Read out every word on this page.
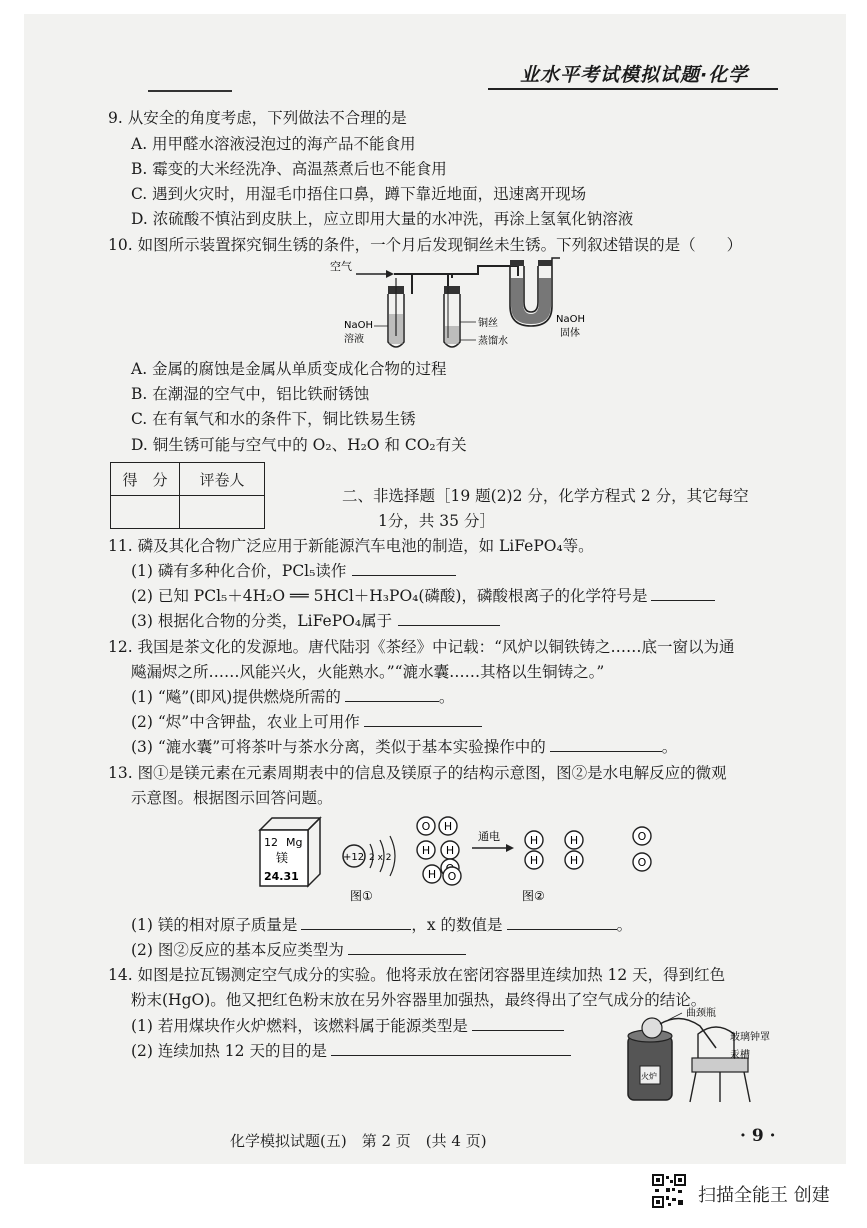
业水平考试模拟试题·化学
9. 从安全的角度考虑，下列做法不合理的是
A. 用甲醛水溶液浸泡过的海产品不能食用
B. 霉变的大米经洗净、高温蒸煮后也不能食用
C. 遇到火灾时，用湿毛巾捂住口鼻，蹲下靠近地面，迅速离开现场
D. 浓硫酸不慎沾到皮肤上，应立即用大量的水冲洗，再涂上氢氧化钠溶液
10. 如图所示装置探究铜生锈的条件，一个月后发现铜丝未生锈。下列叙述错误的是（　　）
空气
NaOH
溶液
铜丝
蒸馏水
NaOH
固体
A. 金属的腐蚀是金属从单质变成化合物的过程
B. 在潮湿的空气中，铝比铁耐锈蚀
C. 在有氧气和水的条件下，铜比铁易生锈
D. 铜生锈可能与空气中的 O₂、H₂O 和 CO₂有关
得　分	评卷人

二、非选择题［19 题(2)2 分，化学方程式 2 分，其它每空
1分，共 35 分］
11. 磷及其化合物广泛应用于新能源汽车电池的制造，如 LiFePO₄等。
(1) 磷有多种化合价，PCl₅读作
(2) 已知 PCl₅＋4H₂O ══ 5HCl＋H₃PO₄(磷酸)，磷酸根离子的化学符号是
(3) 根据化合物的分类，LiFePO₄属于
12. 我国是茶文化的发源地。唐代陆羽《茶经》中记载：“风炉以铜铁铸之……底一窗以为通
飚漏烬之所……风能兴火，火能熟水。”“漉水囊……其格以生铜铸之。”
(1) “飚”(即风)提供燃烧所需的	。
(2) “烬”中含钾盐，农业上可用作
(3) “漉水囊”可将茶叶与茶水分离，类似于基本实验操作中的	。
13. 图①是镁元素在元素周期表中的信息及镁原子的结构示意图，图②是水电解反应的微观
示意图。根据图示回答问题。
12 Mg
镁
24.31
+12 2 x 2
图①
O H
H H
H O
通电	H
H
H
H
O
O
图②
(1) 镁的相对原子质量是	，x 的数值是	。
(2) 图②反应的基本反应类型为
14. 如图是拉瓦锡测定空气成分的实验。他将汞放在密闭容器里连续加热 12 天，得到红色
粉末(HgO)。他又把红色粉末放在另外容器里加强热，最终得出了空气成分的结论。
(1) 若用煤块作火炉燃料，该燃料属于能源类型是
(2) 连续加热 12 天的目的是
火炉
曲颈瓶
玻璃钟罩
汞槽
化学模拟试题(五)　第 2 页　(共 4 页)	· 9 ·
扫描全能王 创建
